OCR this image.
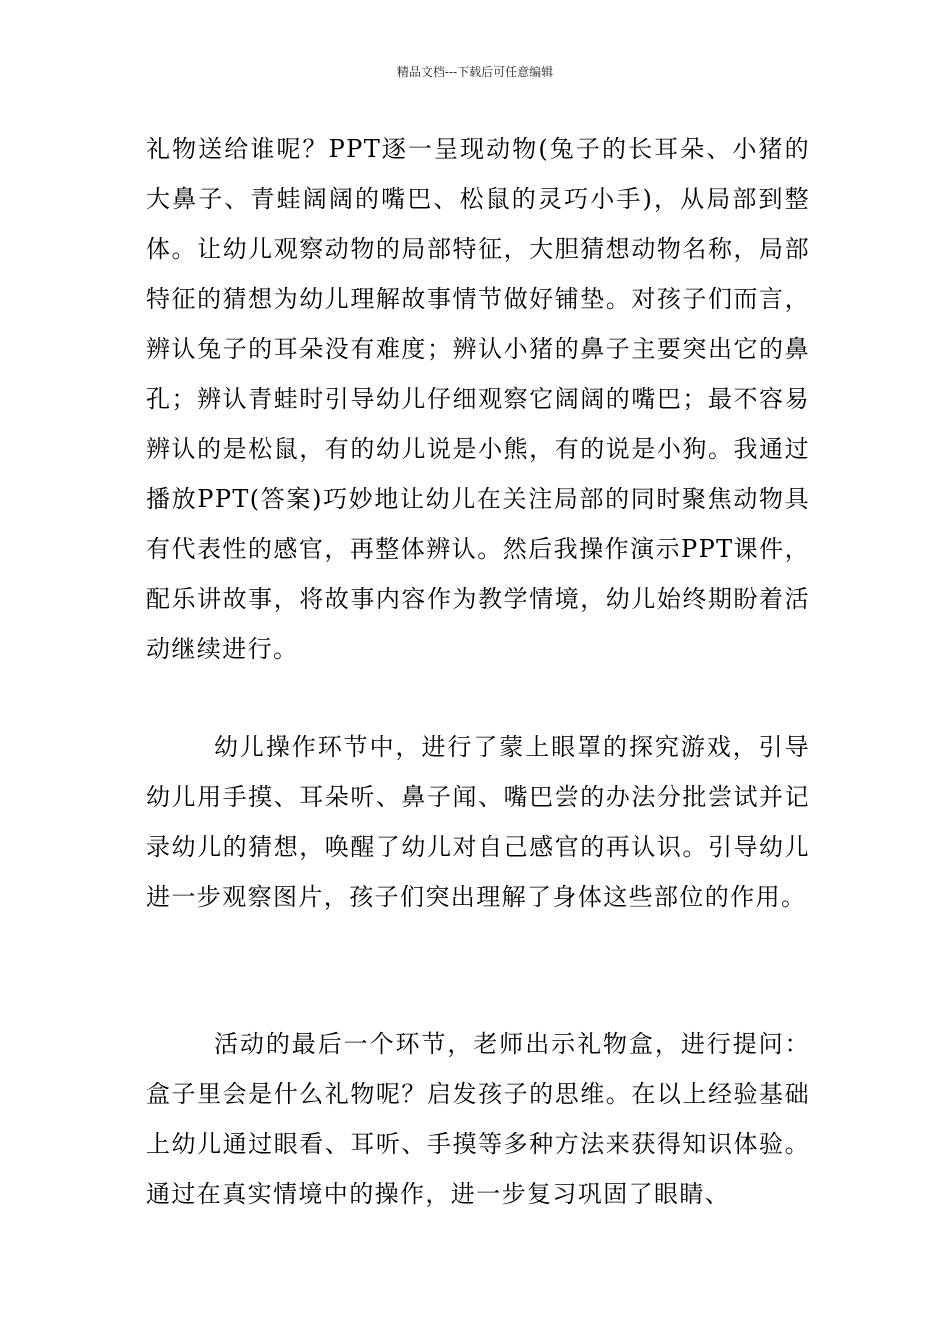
精品文档---下载后可任意编辑

礼物送给谁呢？PPT逐一呈现动物(兔子的长耳朵、小猪的大鼻子、青蛙阔阔的嘴巴、松鼠的灵巧小手)，从局部到整体。让幼儿观察动物的局部特征，大胆猜想动物名称，局部特征的猜想为幼儿理解故事情节做好铺垫。对孩子们而言，辨认兔子的耳朵没有难度；辨认小猪的鼻子主要突出它的鼻孔；辨认青蛙时引导幼儿仔细观察它阔阔的嘴巴；最不容易辨认的是松鼠，有的幼儿说是小熊，有的说是小狗。我通过播放PPT(答案)巧妙地让幼儿在关注局部的同时聚焦动物具有代表性的感官，再整体辨认。然后我操作演示PPT课件，配乐讲故事，将故事内容作为教学情境，幼儿始终期盼着活动继续进行。

幼儿操作环节中，进行了蒙上眼罩的探究游戏，引导幼儿用手摸、耳朵听、鼻子闻、嘴巴尝的办法分批尝试并记录幼儿的猜想，唤醒了幼儿对自己感官的再认识。引导幼儿进一步观察图片，孩子们突出理解了身体这些部位的作用。

活动的最后一个环节，老师出示礼物盒，进行提问：盒子里会是什么礼物呢？启发孩子的思维。在以上经验基础上幼儿通过眼看、耳听、手摸等多种方法来获得知识体验。通过在真实情境中的操作，进一步复习巩固了眼睛、
